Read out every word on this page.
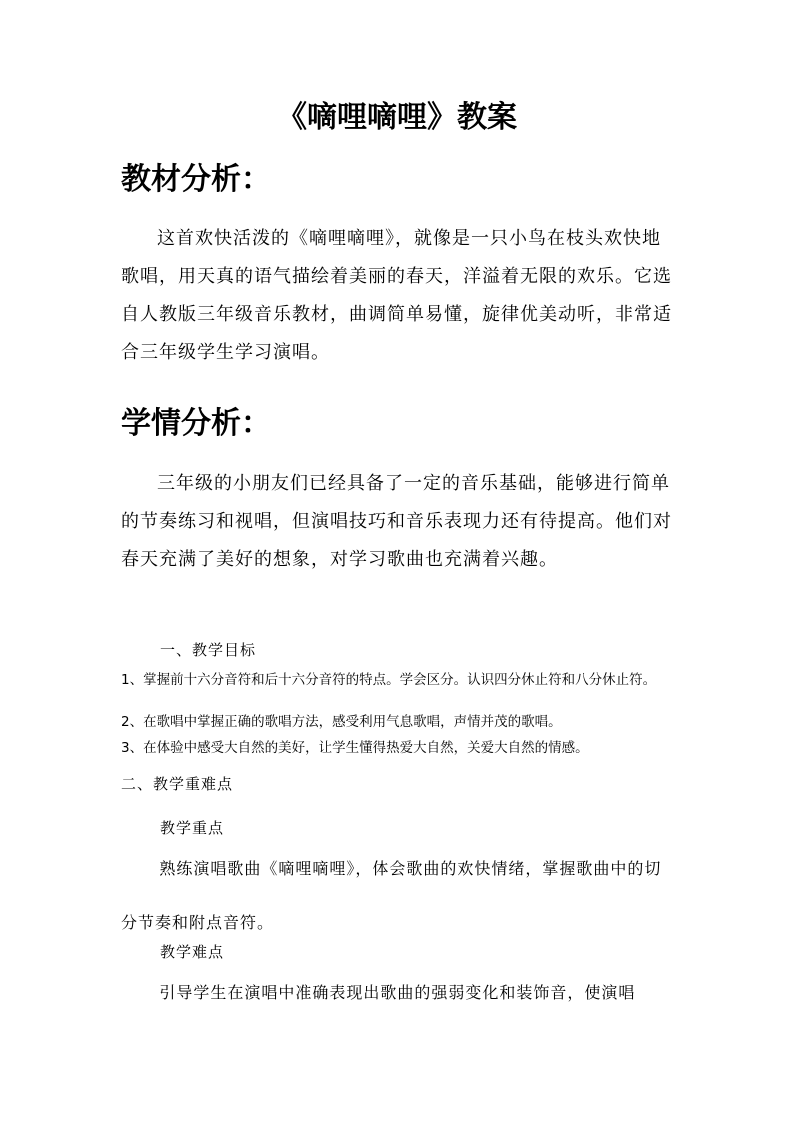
《嘀哩嘀哩》教案
教材分析：
这首欢快活泼的《嘀哩嘀哩》，就像是一只小鸟在枝头欢快地歌唱，用天真的语气描绘着美丽的春天，洋溢着无限的欢乐。它选自人教版三年级音乐教材，曲调简单易懂，旋律优美动听，非常适合三年级学生学习演唱。
学情分析：
三年级的小朋友们已经具备了一定的音乐基础，能够进行简单的节奏练习和视唱，但演唱技巧和音乐表现力还有待提高。他们对春天充满了美好的想象，对学习歌曲也充满着兴趣。
一、教学目标
1、掌握前十六分音符和后十六分音符的特点。学会区分。认识四分休止符和八分休止符。
2、在歌唱中掌握正确的歌唱方法，感受利用气息歌唱，声情并茂的歌唱。
3、在体验中感受大自然的美好，让学生懂得热爱大自然，关爱大自然的情感。
二、教学重难点
教学重点
熟练演唱歌曲《嘀哩嘀哩》，体会歌曲的欢快情绪，掌握歌曲中的切分节奏和附点音符。
教学难点
引导学生在演唱中准确表现出歌曲的强弱变化和装饰音，使演唱
